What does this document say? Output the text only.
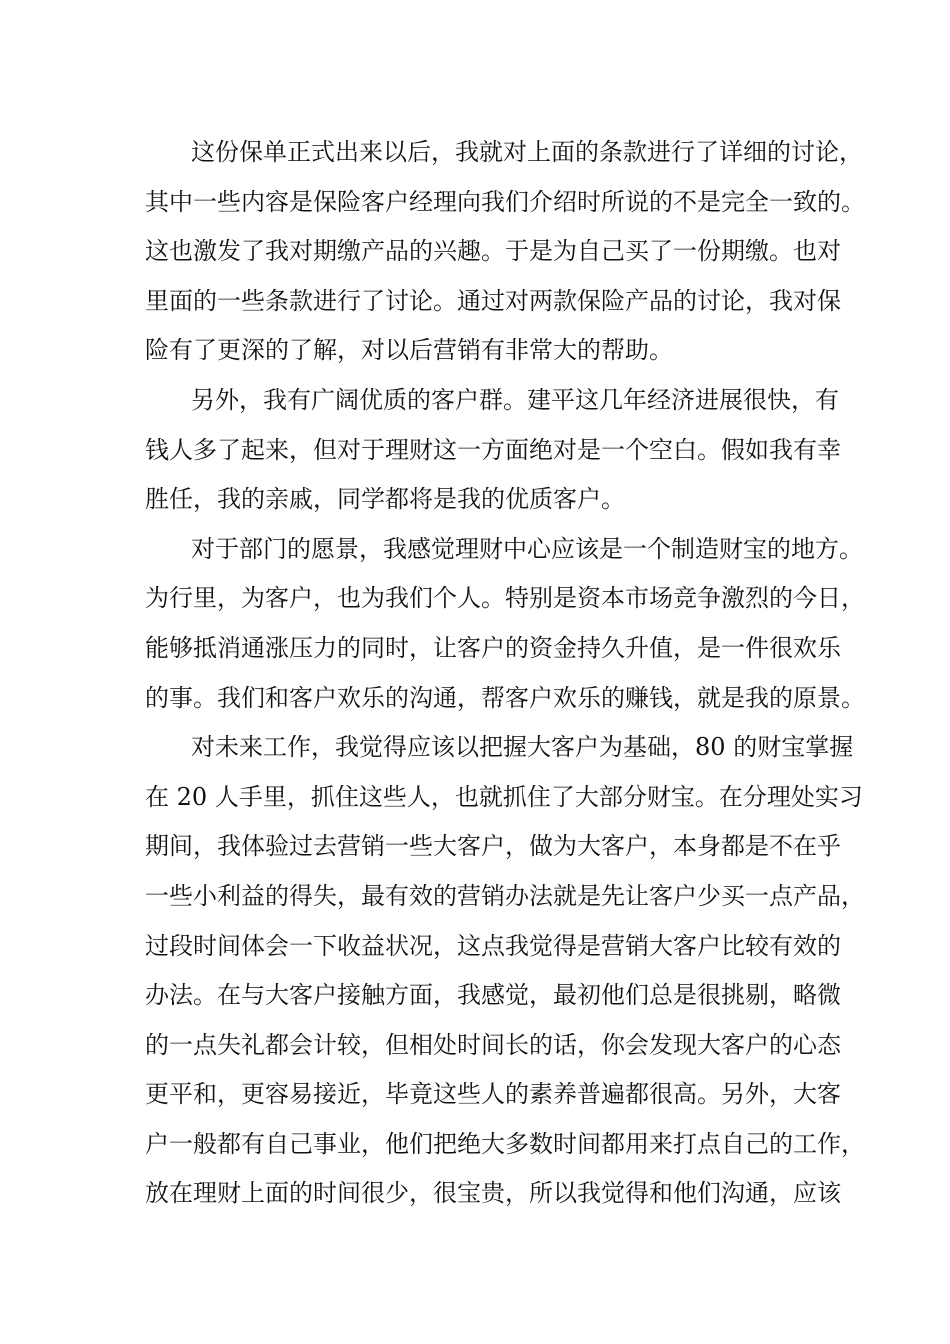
这 份 保 单 正 式 出 来 以 后 ， 我 就 对 上 面 的 条 款 进 行 了 详 细 的 讨 论 ，
其 中 一 些 内 容 是 保 险 客 户 经 理 向 我 们 介 绍 时 所 说 的 不 是 完 全 一 致 的 。
这 也 激 发 了 我 对 期 缴 产 品 的 兴 趣 。 于 是 为 自 己 买 了 一 份 期 缴 。 也 对
里 面 的 一 些 条 款 进 行 了 讨 论 。 通 过 对 两 款 保 险 产 品 的 讨 论 ， 我 对 保
险有了更深的了解，对以后营销有非常大的帮助。
另 外 ， 我 有 广 阔 优 质 的 客 户 群 。 建 平 这 几 年 经 济 进 展 很 快 ， 有
钱 人 多 了 起 来 ， 但 对 于 理 财 这 一 方 面 绝 对 是 一 个 空 白 。 假 如 我 有 幸
胜任，我的亲戚，同学都将是我的优质客户。
对 于 部 门 的 愿 景 ， 我 感 觉 理 财 中 心 应 该 是 一 个 制 造 财 宝 的 地 方 。
为 行 里 ， 为 客 户 ， 也 为 我 们 个 人 。 特 别 是 资 本 市 场 竞 争 激 烈 的 今 日 ，
能 够 抵 消 通 涨 压 力 的 同 时 ， 让 客 户 的 资 金 持 久 升 值 ， 是 一 件 很 欢 乐
的 事 。 我 们 和 客 户 欢 乐 的 沟 通 ， 帮 客 户 欢 乐 的 赚 钱 ， 就 是 我 的 原 景 。
对 未 来 工 作 ， 我 觉 得 应 该 以 把 握 大 客 户 为 基 础 ， 8 0
的 财 宝 掌 握
在
2 0
人 手 里 ， 抓 住 这 些 人 ， 也 就 抓 住 了 大 部 分 财 宝 。 在 分 理 处 实 习
期 间 ， 我 体 验 过 去 营 销 一 些 大 客 户 ， 做 为 大 客 户 ， 本 身 都 是 不 在 乎
一 些 小 利 益 的 得 失 ， 最 有 效 的 营 销 办 法 就 是 先 让 客 户 少 买 一 点 产 品 ，
过 段 时 间 体 会 一 下 收 益 状 况 ， 这 点 我 觉 得 是 营 销 大 客 户 比 较 有 效 的
办 法 。 在 与 大 客 户 接 触 方 面 ， 我 感 觉 ， 最 初 他 们 总 是 很 挑 剔 ， 略 微
的 一 点 失 礼 都 会 计 较 ， 但 相 处 时 间 长 的 话 ， 你 会 发 现 大 客 户 的 心 态
更 平 和 ， 更 容 易 接 近 ， 毕 竟 这 些 人 的 素 养 普 遍 都 很 高 。 另 外 ， 大 客
户 一 般 都 有 自 己 事 业 ， 他 们 把 绝 大 多 数 时 间 都 用 来 打 点 自 己 的 工 作 ，
放 在 理 财 上 面 的 时 间 很 少 ， 很 宝 贵 ， 所 以 我 觉 得 和 他 们 沟 通 ， 应 该
